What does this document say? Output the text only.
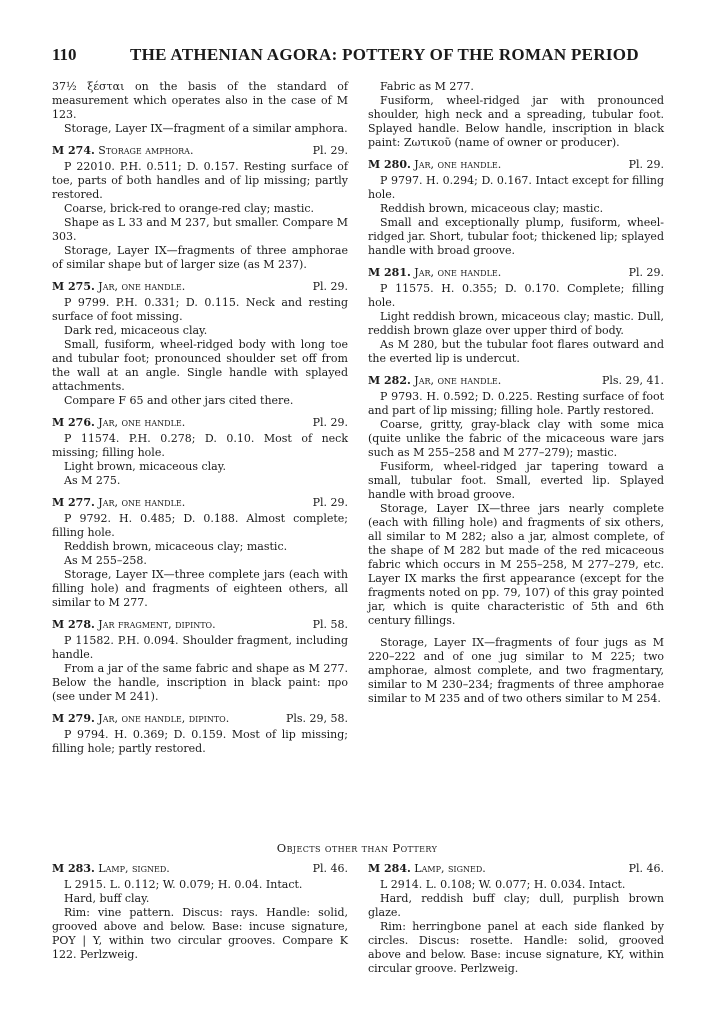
110	THE ATHENIAN AGORA: POTTERY OF THE ROMAN PERIOD

37½ ξέσται on the basis of the standard of measurement which operates also in the case of M 123.

Storage, Layer IX—fragment of a similar amphora.

M 274. Storage amphora.	Pl. 29.

P 22010. P.H. 0.511; D. 0.157. Resting surface of toe, parts of both handles and of lip missing; partly restored.

Coarse, brick-red to orange-red clay; mastic.

Shape as L 33 and M 237, but smaller. Compare M 303.

Storage, Layer IX—fragments of three amphorae of similar shape but of larger size (as M 237).

M 275. Jar, one handle.	Pl. 29.

P 9799. P.H. 0.331; D. 0.115. Neck and resting surface of foot missing.

Dark red, micaceous clay.

Small, fusiform, wheel-ridged body with long toe and tubular foot; pronounced shoulder set off from the wall at an angle. Single handle with splayed attachments.

Compare F 65 and other jars cited there.

M 276. Jar, one handle.	Pl. 29.

P 11574. P.H. 0.278; D. 0.10. Most of neck missing; filling hole.

Light brown, micaceous clay.

As M 275.

M 277. Jar, one handle.	Pl. 29.

P 9792. H. 0.485; D. 0.188. Almost complete; filling hole.

Reddish brown, micaceous clay; mastic.

As M 255–258.

Storage, Layer IX—three complete jars (each with filling hole) and fragments of eighteen others, all similar to M 277.

M 278. Jar fragment, dipinto.	Pl. 58.

P 11582. P.H. 0.094. Shoulder fragment, including handle.

From a jar of the same fabric and shape as M 277. Below the handle, inscription in black paint: πρo (see under M 241).

M 279. Jar, one handle, dipinto.	Pls. 29, 58.

P 9794. H. 0.369; D. 0.159. Most of lip missing; filling hole; partly restored.

Fabric as M 277.

Fusiform, wheel-ridged jar with pronounced shoulder, high neck and a spreading, tubular foot. Splayed handle. Below handle, inscription in black paint: Ζωτικοῦ (name of owner or producer).

M 280. Jar, one handle.	Pl. 29.

P 9797. H. 0.294; D. 0.167. Intact except for filling hole.

Reddish brown, micaceous clay; mastic.

Small and exceptionally plump, fusiform, wheel-ridged jar. Short, tubular foot; thickened lip; splayed handle with broad groove.

M 281. Jar, one handle.	Pl. 29.

P 11575. H. 0.355; D. 0.170. Complete; filling hole.

Light reddish brown, micaceous clay; mastic. Dull, reddish brown glaze over upper third of body.

As M 280, but the tubular foot flares outward and the everted lip is undercut.

M 282. Jar, one handle.	Pls. 29, 41.

P 9793. H. 0.592; D. 0.225. Resting surface of foot and part of lip missing; filling hole. Partly restored.

Coarse, gritty, gray-black clay with some mica (quite unlike the fabric of the micaceous ware jars such as M 255–258 and M 277–279); mastic.

Fusiform, wheel-ridged jar tapering toward a small, tubular foot. Small, everted lip. Splayed handle with broad groove.

Storage, Layer IX—three jars nearly complete (each with filling hole) and fragments of six others, all similar to M 282; also a jar, almost complete, of the shape of M 282 but made of the red micaceous fabric which occurs in M 255–258, M 277–279, etc. Layer IX marks the first appearance (except for the fragments noted on pp. 79, 107) of this gray pointed jar, which is quite characteristic of 5th and 6th century fillings.

Storage, Layer IX—fragments of four jugs as M 220–222 and of one jug similar to M 225; two amphorae, almost complete, and two fragmentary, similar to M 230–234; fragments of three amphorae similar to M 235 and of two others similar to M 254.

Objects other than Pottery
M 283. Lamp, signed.	Pl. 46.

L 2915. L. 0.112; W. 0.079; H. 0.04. Intact.

Hard, buff clay.

Rim: vine pattern. Discus: rays. Handle: solid, grooved above and below. Base: incuse signature, POY | Y, within two circular grooves. Compare K 122. Perlzweig.

M 284. Lamp, signed.	Pl. 46.

L 2914. L. 0.108; W. 0.077; H. 0.034. Intact.

Hard, reddish buff clay; dull, purplish brown glaze.

Rim: herringbone panel at each side flanked by circles. Discus: rosette. Handle: solid, grooved above and below. Base: incuse signature, KY, within circular groove. Perlzweig.
